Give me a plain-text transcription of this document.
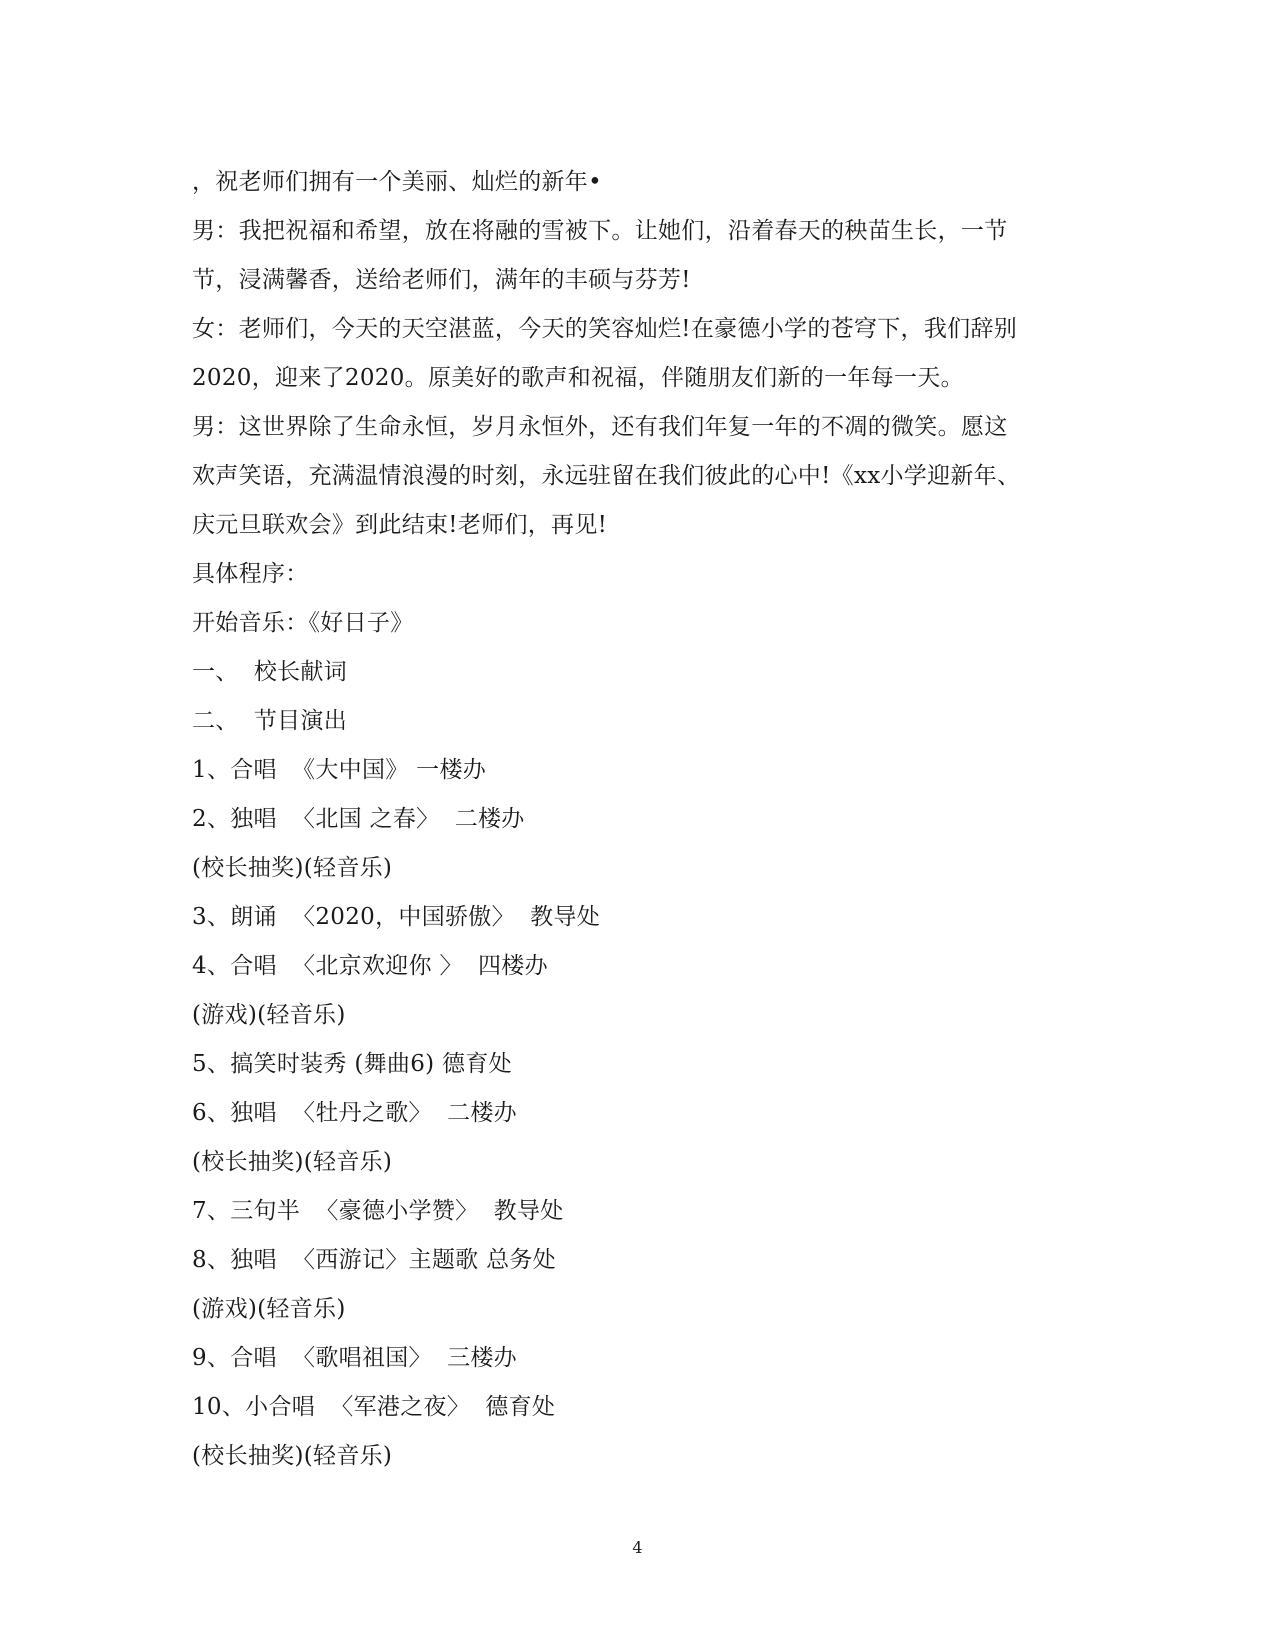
，祝老师们拥有一个美丽、灿烂的新年•
男：我把祝福和希望，放在将融的雪被下。让她们，沿着春天的秧苗生长，一节
节，浸满馨香，送给老师们，满年的丰硕与芬芳!
女：老师们，今天的天空湛蓝，今天的笑容灿烂!在豪德小学的苍穹下，我们辞别
2020，迎来了2020。原美好的歌声和祝福，伴随朋友们新的一年每一天。
男：这世界除了生命永恒，岁月永恒外，还有我们年复一年的不凋的微笑。愿这
欢声笑语，充满温情浪漫的时刻，永远驻留在我们彼此的心中!《xx小学迎新年、
庆元旦联欢会》到此结束!老师们，再见!
具体程序：
开始音乐：《好日子》
一、  校长献词
二、  节目演出
1、合唱  《大中国》 一楼办
2、独唱  〈北国 之春〉  二楼办
(校长抽奖)(轻音乐)
3、朗诵  〈2020，中国骄傲〉  教导处
4、合唱  〈北京欢迎你 〉  四楼办
(游戏)(轻音乐)
5、搞笑时装秀 (舞曲6) 德育处
6、独唱  〈牡丹之歌〉  二楼办
(校长抽奖)(轻音乐)
7、三句半  〈豪德小学赞〉  教导处
8、独唱  〈西游记〉主题歌 总务处
(游戏)(轻音乐)
9、合唱  〈歌唱祖国〉  三楼办
10、小合唱  〈军港之夜〉  德育处
(校长抽奖)(轻音乐)
4
